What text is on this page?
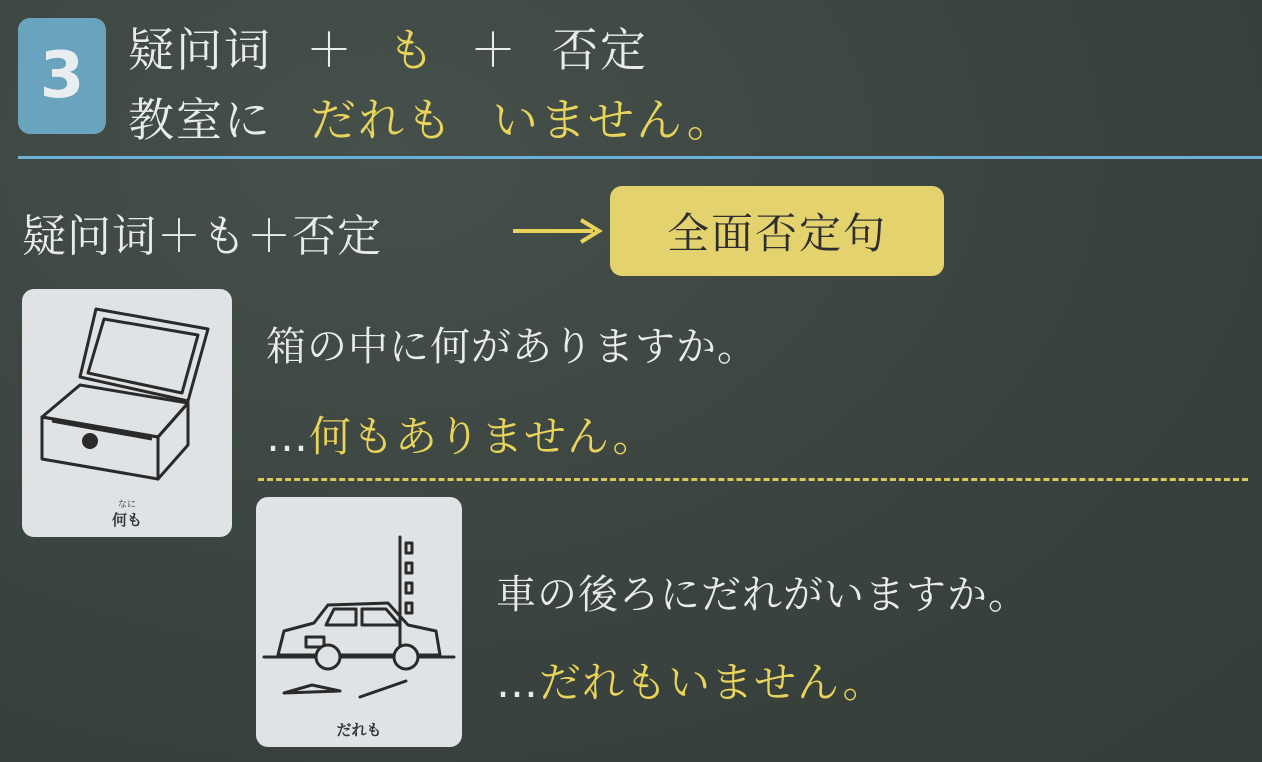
3 疑问词 ＋ も ＋ 否定
教室に だれも いません。
疑问词＋も＋否定	全面否定句
なに
何も
箱の中に何がありますか。
…何もありません。
だれも
車の後ろにだれがいますか。
…だれもいません。
